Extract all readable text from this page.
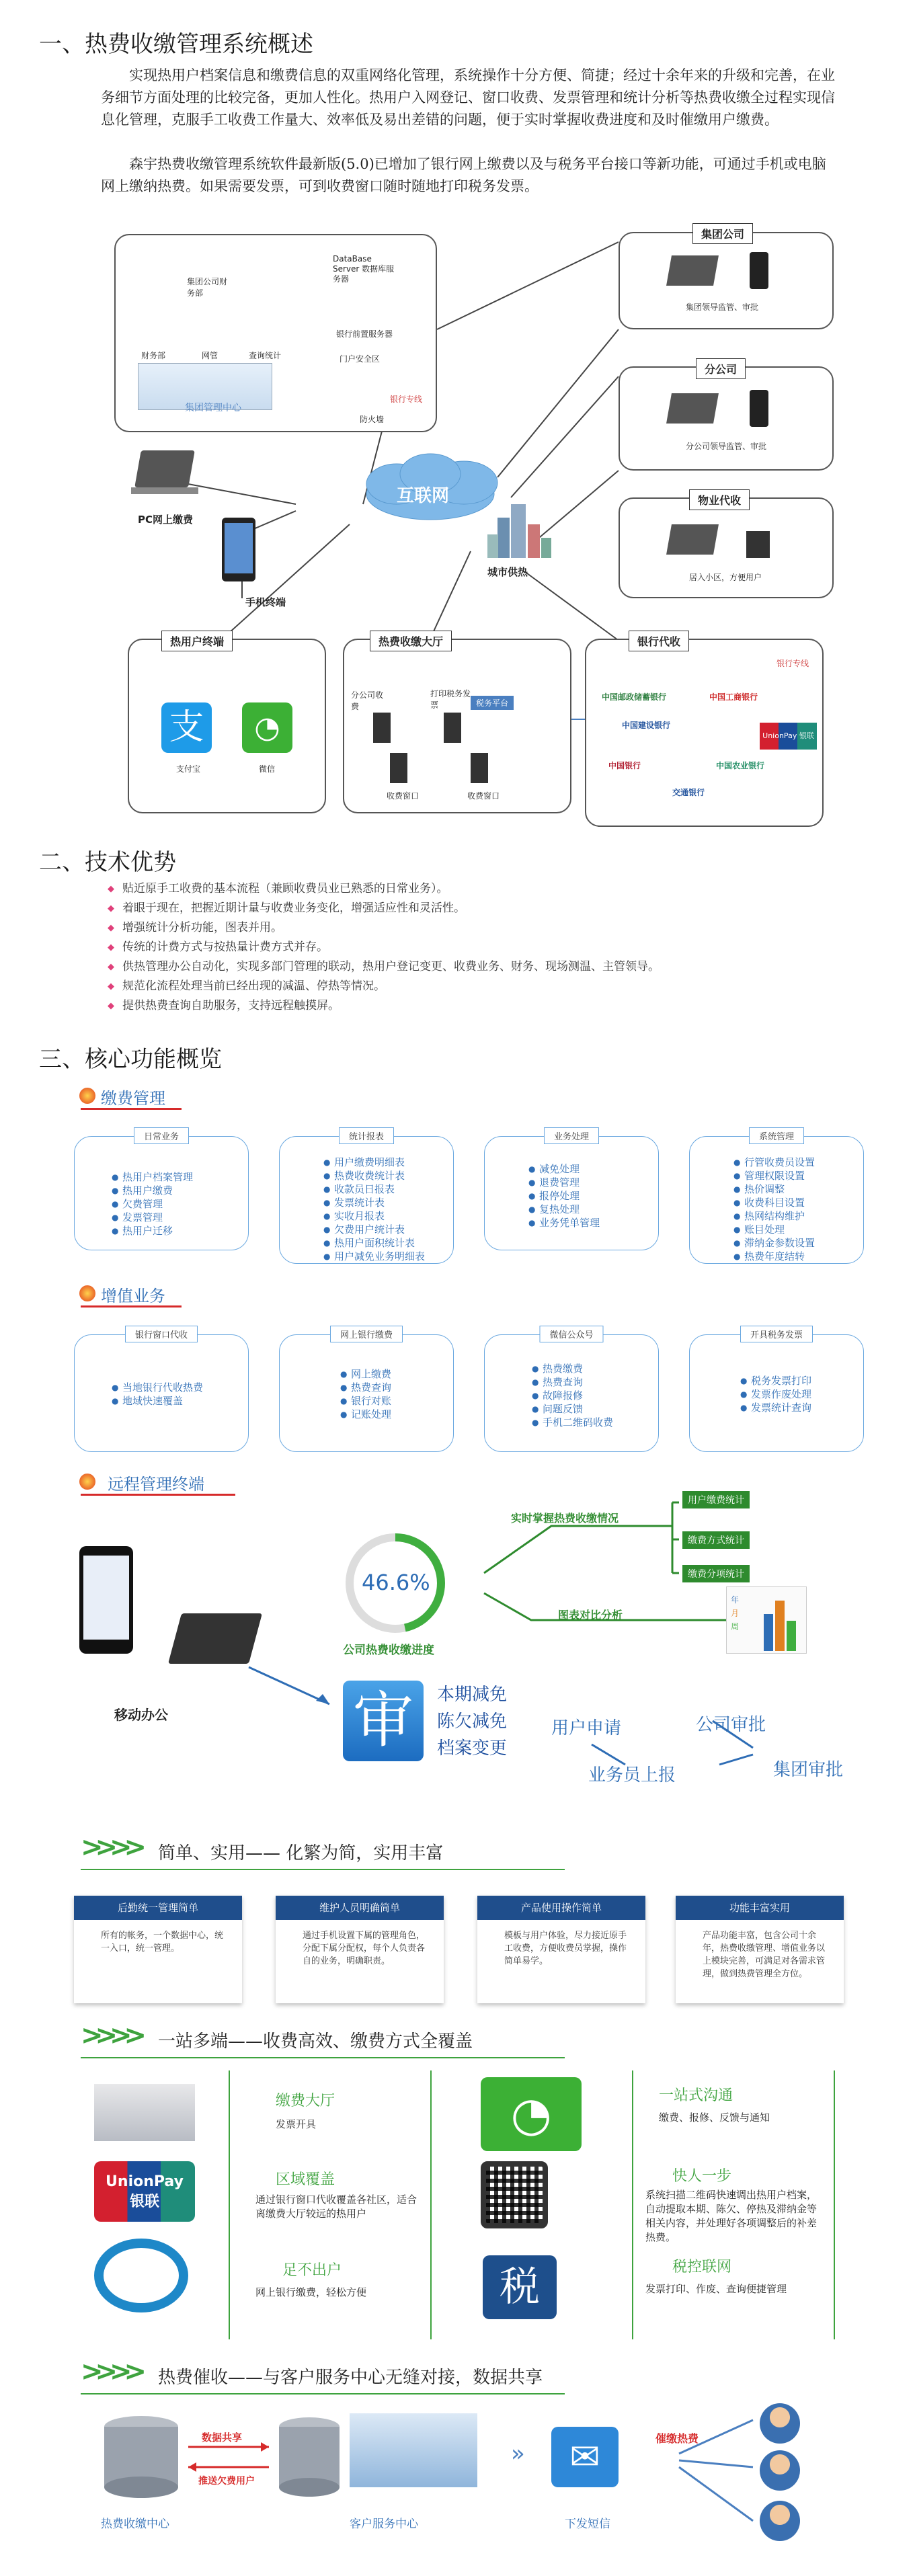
一、热费收缴管理系统概述
实现热用户档案信息和缴费信息的双重网络化管理，系统操作十分方便、简捷；经过十余年来的升级和完善，在业务细节方面处理的比较完备，更加人性化。热用户入网登记、窗口收费、发票管理和统计分析等热费收缴全过程实现信息化管理，克服手工收费工作量大、效率低及易出差错的问题，便于实时掌握收费进度和及时催缴用户缴费。
森宇热费收缴管理系统软件最新版(5.0)已增加了银行网上缴费以及与税务平台接口等新功能，可通过手机或电脑网上缴纳热费。如果需要发票，可到收费窗口随时随地打印税务发票。
集团管理中心
DataBase Server 数据库服务器
集团公司财务部
财务部	网管	查询统计
银行前置服务器
门户安全区
防火墙
银行专线
互联网
PC网上缴费
手机终端
城市供热
集团公司
集团领导监管、审批
分公司
分公司领导监管、审批
物业代收
居入小区，方便用户
热用户终端
支	◔
支付宝	微信
热费收缴大厅
分公司收费
打印税务发票	税务平台
收费窗口	收费窗口
银行代收
银行专线
中国邮政储蓄银行	中国工商银行
中国建设银行
UnionPay 银联
中国银行	中国农业银行
交通银行
二、技术优势
◆ 贴近原手工收费的基本流程（兼顾收费员业已熟悉的日常业务）。
◆ 着眼于现在，把握近期计量与收费业务变化，增强适应性和灵活性。
◆ 增强统计分析功能，图表并用。
◆ 传统的计费方式与按热量计费方式并存。
◆ 供热管理办公自动化，实现多部门管理的联动，热用户登记变更、收费业务、财务、现场测温、主管领导。
◆ 规范化流程处理当前已经出现的减温、停热等情况。
◆ 提供热费查询自助服务，支持远程触摸屏。
三、核心功能概览
缴费管理
日常业务
● 热用户档案管理
● 热用户缴费
● 欠费管理
● 发票管理
● 热用户迁移
统计报表
● 用户缴费明细表
● 热费收费统计表
● 收款员日报表
● 发票统计表
● 实收月报表
● 欠费用户统计表
● 热用户面积统计表
● 用户减免业务明细表
业务处理
● 减免处理
● 退费管理
● 报停处理
● 复热处理
● 业务凭单管理
系统管理
● 行管收费员设置
● 管理权限设置
● 热价调整
● 收费科目设置
● 热网结构维护
● 账目处理
● 滞纳金参数设置
● 热费年度结转
增值业务
银行窗口代收
● 当地银行代收热费
● 地域快速覆盖
网上银行缴费
● 网上缴费
● 热费查询
● 银行对账
● 记账处理
微信公众号
● 热费缴费
● 热费查询
● 故障报修
● 问题反馈
● 手机二维码收费
开具税务发票
● 税务发票打印
● 发票作废处理
● 发票统计查询
远程管理终端
46.6%
公司热费收缴进度
实时掌握热费收缴情况
用户缴费统计
缴费方式统计
缴费分项统计
图表对比分析
年
月
周
移动办公	审	本期减免
陈欠减免
档案变更
用户申请
业务员上报
公司审批
集团审批
>>>> 简单、实用—— 化繁为简，实用丰富
后勤统一管理简单
所有的帐务，一个数据中心，统一入口，统一管理。
维护人员明确简单
通过手机设置下属的管理角色，分配下属分配权，每个人负责各自的业务，明确职责。
产品使用操作简单
模板与用户体验，尽力接近原手工收费，方便收费员掌握，操作简单易学。
功能丰富实用
产品功能丰富，包含公司十余年，热费收缴管理、增值业务以上模块完善，可满足对各需求管理，做到热费管理全方位。
>>>> 一站多端——收费高效、缴费方式全覆盖
缴费大厅
发票开具	◔	一站式沟通
缴费、报修、反馈与通知
UnionPay
银联
区域覆盖
通过银行窗口代收覆盖各社区，适合离缴费大厅较远的热用户
快人一步
系统扫描二维码快速调出热用户档案，自动提取本期、陈欠、停热及滞纳金等相关内容，并处理好各项调整后的补差热费。
足不出户
网上银行缴费，轻松方便	税	税控联网
发票打印、作废、查询便捷管理
>>>> 热费催收——与客户服务中心无缝对接，数据共享
数据共享
推送欠费用户
»	✉	催缴热费
热费收缴中心	客户服务中心	下发短信
